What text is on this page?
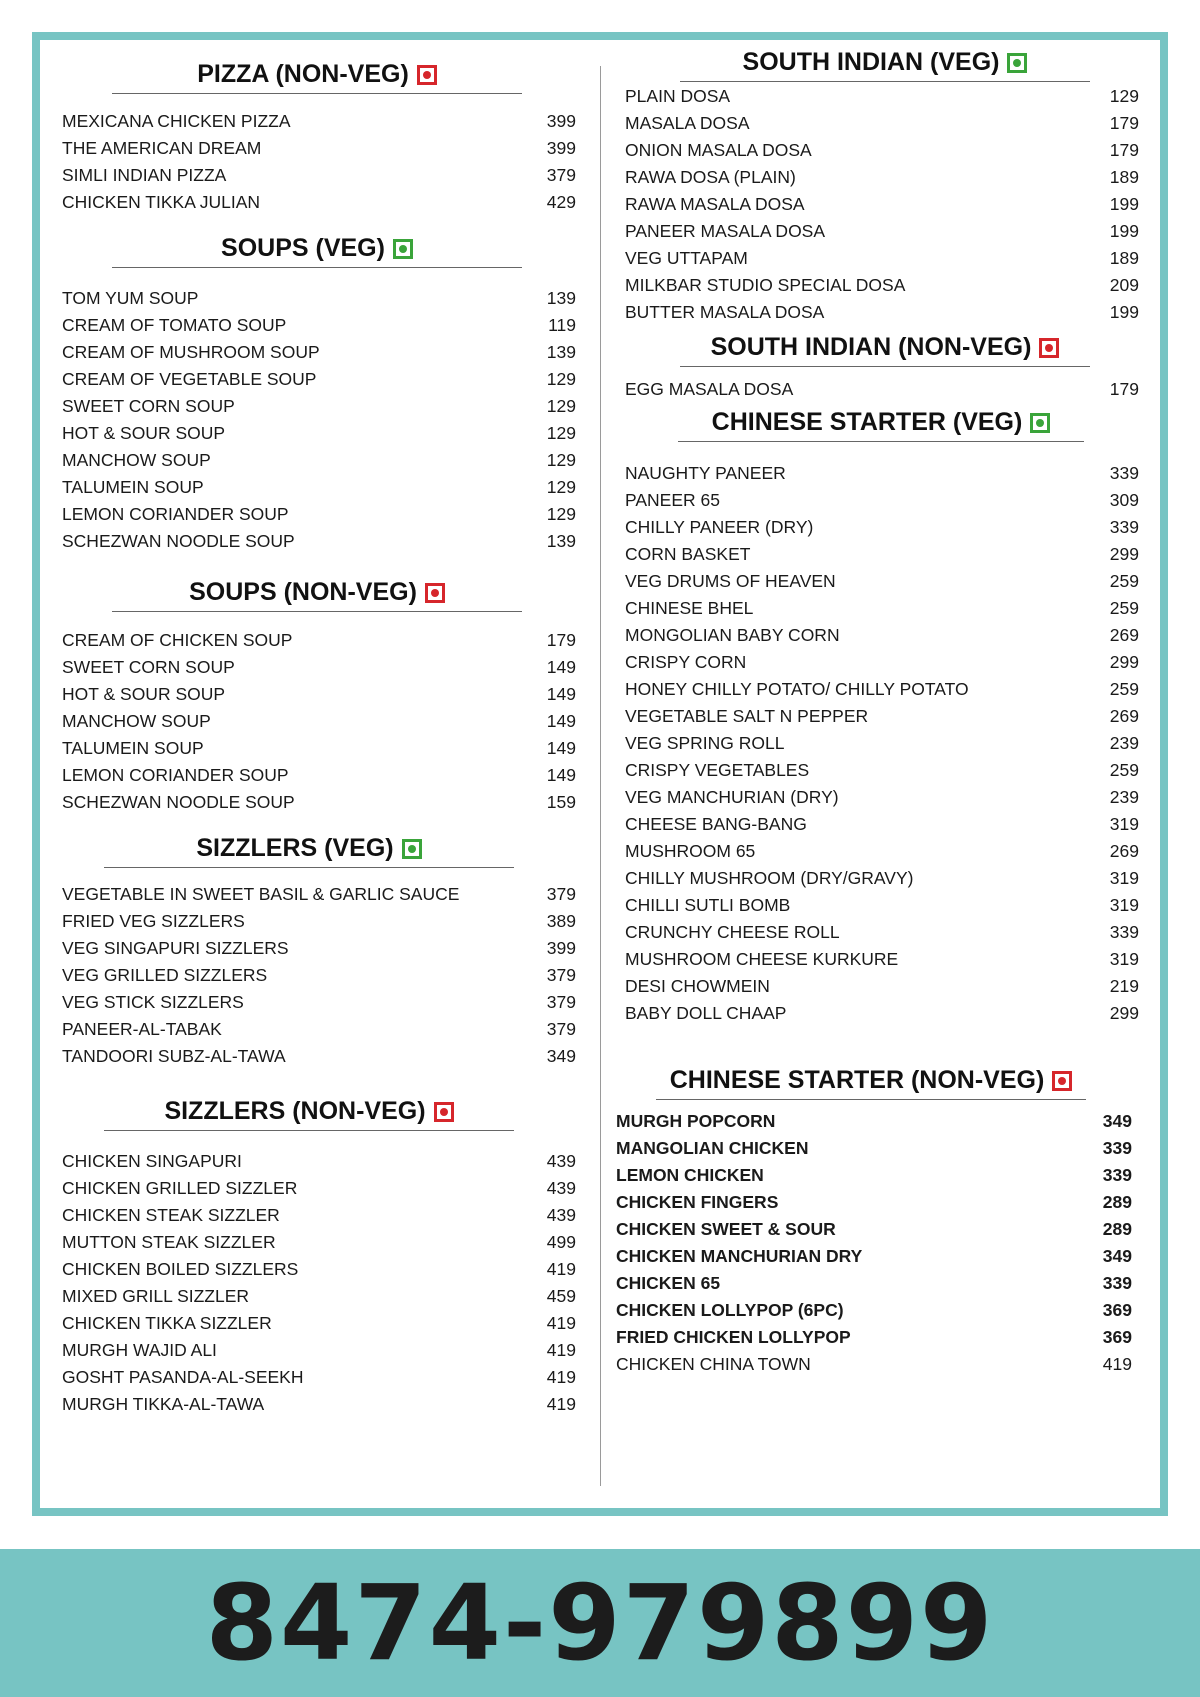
PIZZA (NON-VEG)
MEXICANA CHICKEN PIZZA	399
THE AMERICAN DREAM	399
SIMLI INDIAN PIZZA	379
CHICKEN TIKKA JULIAN	429
SOUPS (VEG)
TOM YUM SOUP	139
CREAM OF TOMATO SOUP	119
CREAM OF MUSHROOM SOUP	139
CREAM OF VEGETABLE SOUP	129
SWEET CORN SOUP	129
HOT & SOUR SOUP	129
MANCHOW SOUP	129
TALUMEIN SOUP	129
LEMON CORIANDER SOUP	129
SCHEZWAN NOODLE SOUP	139
SOUPS (NON-VEG)
CREAM OF CHICKEN SOUP	179
SWEET CORN SOUP	149
HOT & SOUR SOUP	149
MANCHOW SOUP	149
TALUMEIN SOUP	149
LEMON CORIANDER SOUP	149
SCHEZWAN NOODLE SOUP	159
SIZZLERS (VEG)
VEGETABLE IN SWEET BASIL & GARLIC SAUCE	379
FRIED VEG SIZZLERS	389
VEG SINGAPURI SIZZLERS	399
VEG GRILLED SIZZLERS	379
VEG STICK SIZZLERS	379
PANEER-AL-TABAK	379
TANDOORI SUBZ-AL-TAWA	349
SIZZLERS (NON-VEG)
CHICKEN SINGAPURI	439
CHICKEN GRILLED SIZZLER	439
CHICKEN STEAK SIZZLER	439
MUTTON STEAK SIZZLER	499
CHICKEN BOILED SIZZLERS	419
MIXED GRILL SIZZLER	459
CHICKEN TIKKA SIZZLER	419
MURGH WAJID ALI	419
GOSHT PASANDA-AL-SEEKH	419
MURGH TIKKA-AL-TAWA	419
SOUTH INDIAN (VEG)
PLAIN DOSA	129
MASALA DOSA	179
ONION MASALA DOSA	179
RAWA DOSA (PLAIN)	189
RAWA MASALA DOSA	199
PANEER MASALA DOSA	199
VEG UTTAPAM	189
MILKBAR STUDIO SPECIAL DOSA	209
BUTTER MASALA DOSA	199
SOUTH INDIAN (NON-VEG)
EGG MASALA DOSA	179
CHINESE STARTER (VEG)
NAUGHTY PANEER	339
PANEER 65	309
CHILLY PANEER (DRY)	339
CORN BASKET	299
VEG DRUMS OF HEAVEN	259
CHINESE BHEL	259
MONGOLIAN BABY CORN	269
CRISPY CORN	299
HONEY CHILLY POTATO/ CHILLY POTATO	259
VEGETABLE SALT N PEPPER	269
VEG SPRING ROLL	239
CRISPY VEGETABLES	259
VEG MANCHURIAN (DRY)	239
CHEESE BANG-BANG	319
MUSHROOM 65	269
CHILLY MUSHROOM (DRY/GRAVY)	319
CHILLI SUTLI BOMB	319
CRUNCHY CHEESE ROLL	339
MUSHROOM CHEESE KURKURE	319
DESI CHOWMEIN	219
BABY DOLL CHAAP	299
CHINESE STARTER (NON-VEG)
MURGH POPCORN	349
MANGOLIAN CHICKEN	339
LEMON CHICKEN	339
CHICKEN FINGERS	289
CHICKEN SWEET & SOUR	289
CHICKEN MANCHURIAN DRY	349
CHICKEN 65	339
CHICKEN LOLLYPOP (6PC)	369
FRIED CHICKEN LOLLYPOP	369
CHICKEN CHINA TOWN	419
8474-979899
